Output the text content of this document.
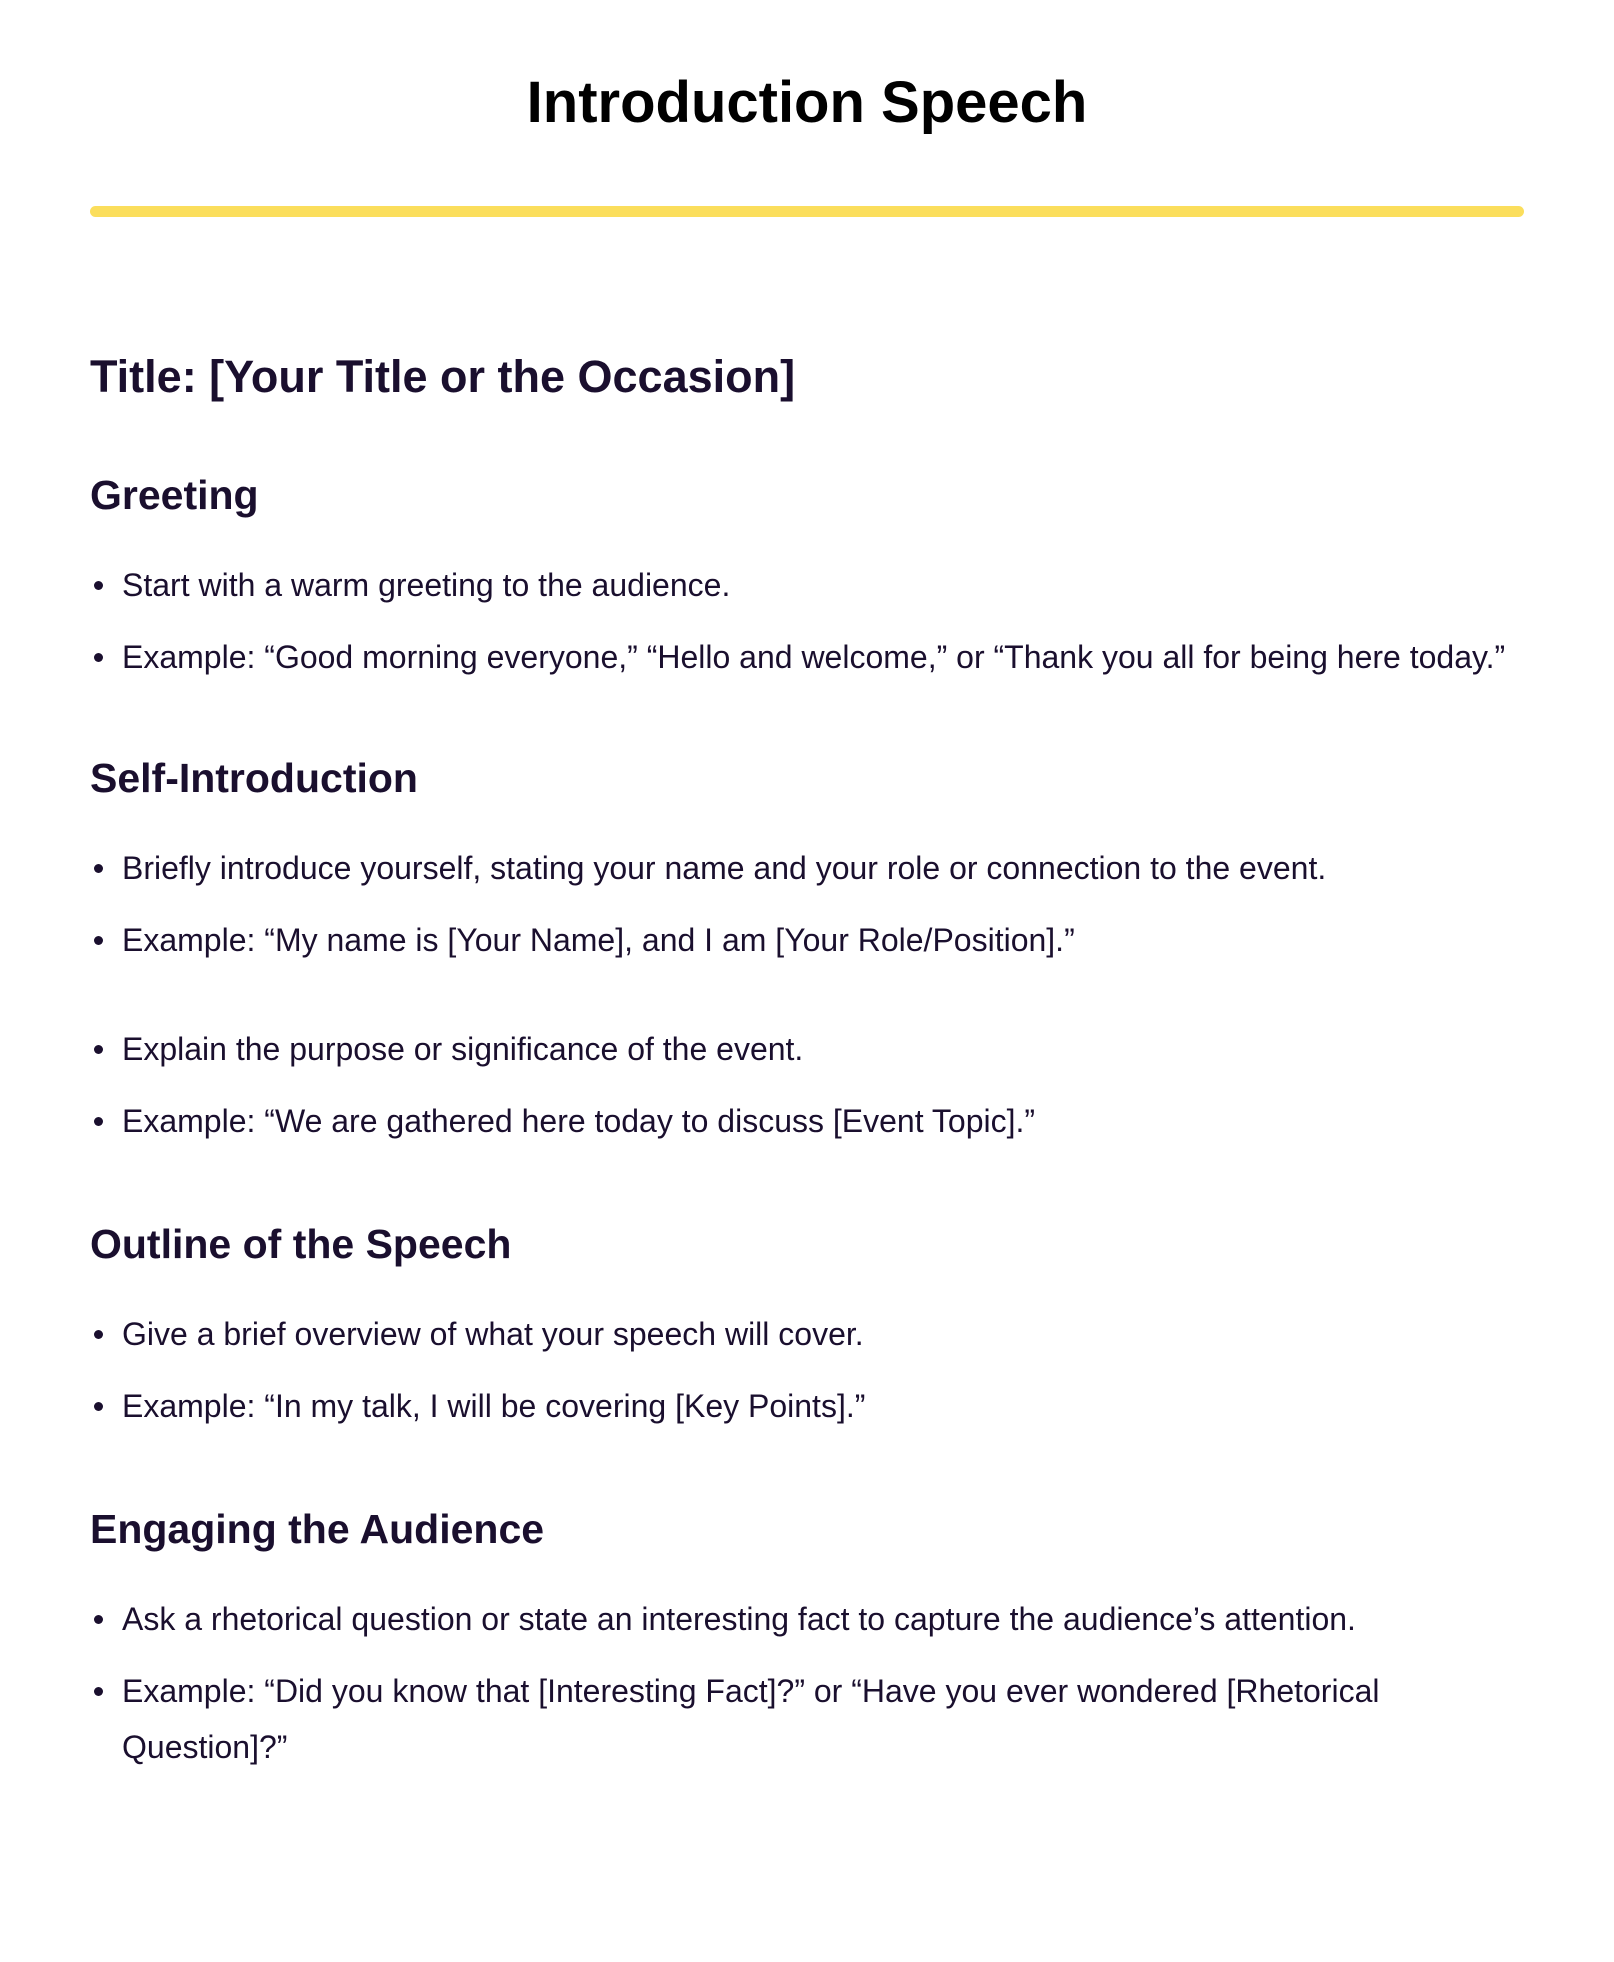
Introduction Speech
Title: [Your Title or the Occasion]
Greeting
Start with a warm greeting to the audience.
Example: “Good morning everyone,” “Hello and welcome,” or “Thank you all for being here today.”
Self-Introduction
Briefly introduce yourself, stating your name and your role or connection to the event.
Example: “My name is [Your Name], and I am [Your Role/Position].”
Explain the purpose or significance of the event.
Example: “We are gathered here today to discuss [Event Topic].”
Outline of the Speech
Give a brief overview of what your speech will cover.
Example: “In my talk, I will be covering [Key Points].”
Engaging the Audience
Ask a rhetorical question or state an interesting fact to capture the audience’s attention.
Example: “Did you know that [Interesting Fact]?” or “Have you ever wondered [Rhetorical Question]?”
